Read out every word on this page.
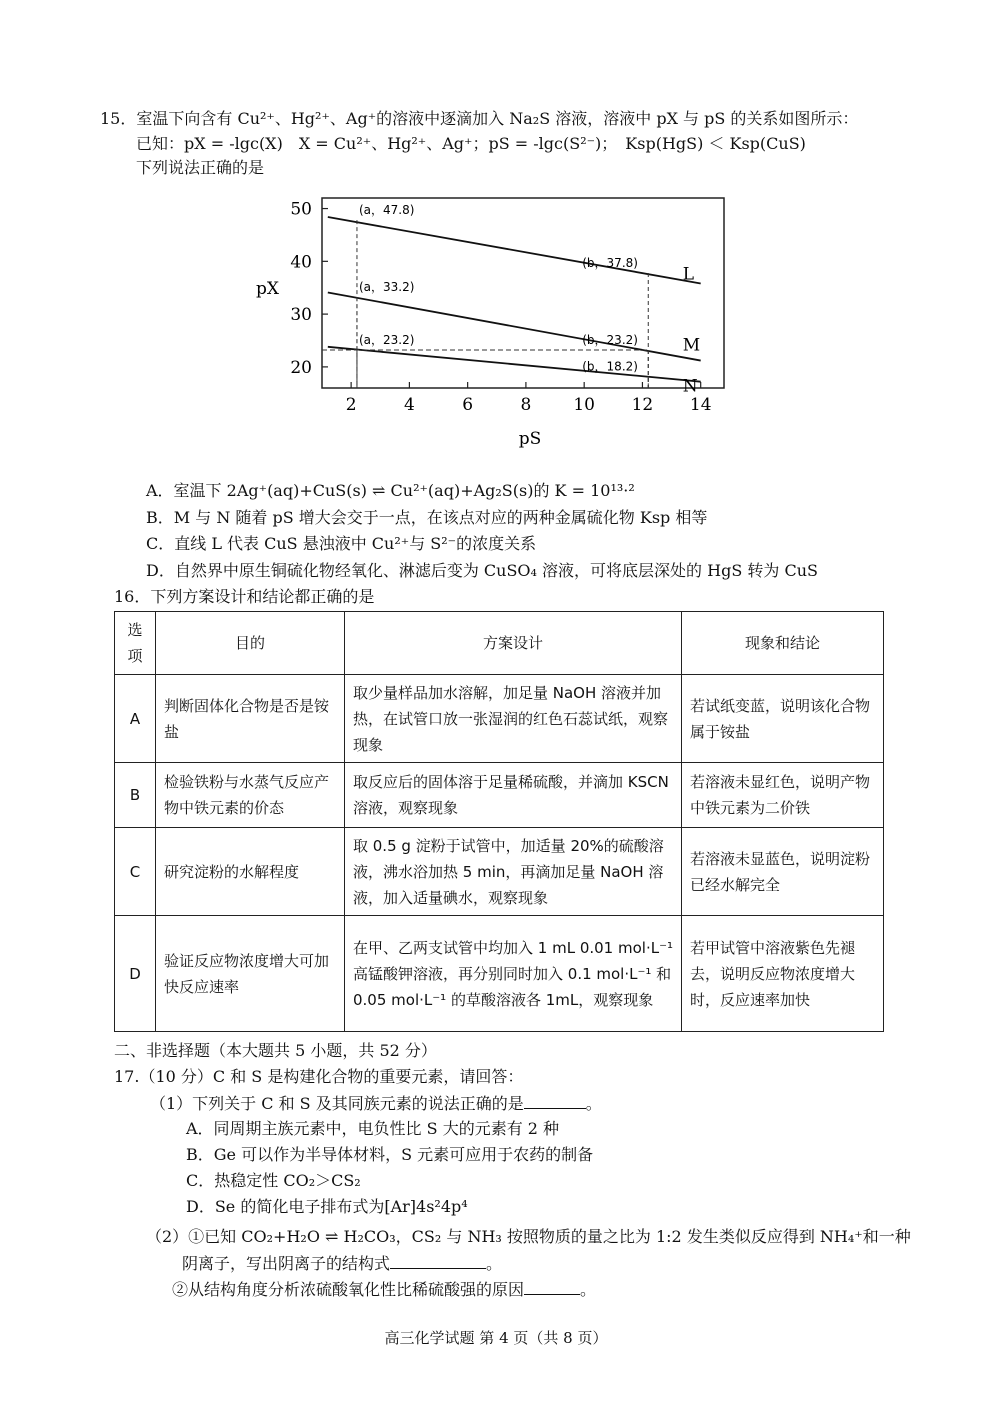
15．室温下向含有 Cu²⁺、Hg²⁺、Ag⁺的溶液中逐滴加入 Na₂S 溶液，溶液中 pX 与 pS 的关系如图所示：
已知：pX = -lgc(X)　X = Cu²⁺、Hg²⁺、Ag⁺；pS = -lgc(S²⁻)；　Ksp(HgS) ＜ Ksp(CuS)
下列说法正确的是
2	4	6	8 10 12 14
20
30
40
50
L
M
N
(a，47.8)
(b，37.8)
(a，33.2)
(b，23.2)
(a，23.2)
(b，18.2)
pX
pS
A．室温下 2Ag⁺(aq)+CuS(s) ⇌ Cu²⁺(aq)+Ag₂S(s)的 K = 10¹³·²
B．M 与 N 随着 pS 增大会交于一点，在该点对应的两种金属硫化物 Ksp 相等
C．直线 L 代表 CuS 悬浊液中 Cu²⁺与 S²⁻的浓度关系
D．自然界中原生铜硫化物经氧化、淋滤后变为 CuSO₄ 溶液，可将底层深处的 HgS 转为 CuS
16．下列方案设计和结论都正确的是
选项	目的	方案设计	现象和结论
A	判断固体化合物是否是铵盐	取少量样品加水溶解，加足量 NaOH 溶液并加热，在试管口放一张湿润的红色石蕊试纸，观察现象	若试纸变蓝，说明该化合物属于铵盐
B	检验铁粉与水蒸气反应产物中铁元素的价态	取反应后的固体溶于足量稀硫酸，并滴加 KSCN 溶液，观察现象	若溶液未显红色，说明产物中铁元素为二价铁
C	研究淀粉的水解程度	取 0.5 g 淀粉于试管中，加适量 20%的硫酸溶液，沸水浴加热 5 min，再滴加足量 NaOH 溶液，加入适量碘水，观察现象	若溶液未显蓝色，说明淀粉已经水解完全
D	验证反应物浓度增大可加快反应速率	在甲、乙两支试管中均加入 1 mL 0.01 mol·L⁻¹ 高锰酸钾溶液，再分别同时加入 0.1 mol·L⁻¹ 和 0.05 mol·L⁻¹ 的草酸溶液各 1mL，观察现象	若甲试管中溶液紫色先褪去，说明反应物浓度增大时，反应速率加快
二、非选择题（本大题共 5 小题，共 52 分）
17.（10 分）C 和 S 是构建化合物的重要元素，请回答：
（1）下列关于 C 和 S 及其同族元素的说法正确的是	。
A．同周期主族元素中，电负性比 S 大的元素有 2 种
B．Ge 可以作为半导体材料，S 元素可应用于农药的制备
C．热稳定性 CO₂＞CS₂
D．Se 的简化电子排布式为[Ar]4s²4p⁴
（2）①已知 CO₂+H₂O ⇌ H₂CO₃，CS₂ 与 NH₃ 按照物质的量之比为 1:2 发生类似反应得到 NH₄⁺和一种
阴离子，写出阴离子的结构式	。
②从结构角度分析浓硫酸氧化性比稀硫酸强的原因	。
高三化学试题 第 4 页（共 8 页）
